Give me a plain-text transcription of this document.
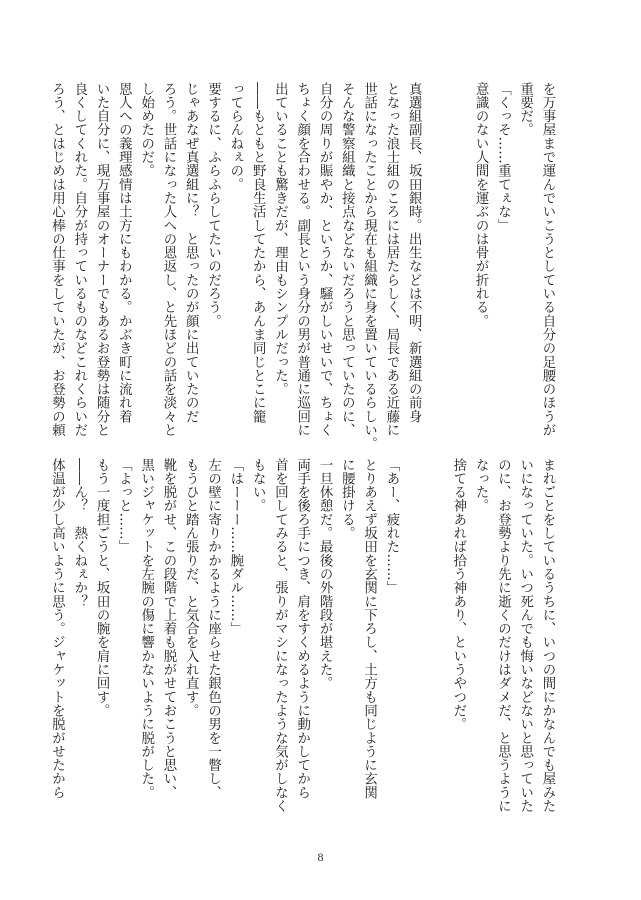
を万事屋まで運んでいこうとしている自分の足腰のほうが
重要だ。
「くっそ……重てぇな」
意識のない人間を運ぶのは骨が折れる。

真選組副長、坂田銀時。出生などは不明、新選組の前身
となった浪士組のころには居たらしく、局長である近藤に
世話になったことから現在も組織に身を置いているらしい。
そんな警察組織と接点などないだろうと思っていたのに、
自分の周りが賑やか、というか、騒がしいせいで、ちょく
ちょく顔を合わせる。副長という身分の男が普通に巡回に
出ていることも驚きだが、理由もシンプルだった。
――もともと野良生活してたから、あんま同じとこに籠
ってらんねぇの。
要するに、ふらふらしてたいのだろう。
じゃあなぜ真選組に？　と思ったのが顔に出ていたのだ
ろう。世話になった人への恩返し、と先ほどの話を淡々と
し始めたのだ。
恩人への義理感情は土方にもわかる。かぶき町に流れ着
いた自分に、現万事屋のオーナーでもあるお登勢は随分と
良くしてくれた。自分が持っているものなどこれくらいだ
ろう、とはじめは用心棒の仕事をしていたが、お登勢の頼
まれごとをしているうちに、いつの間にかなんでも屋みた
いになっていた。いつ死んでも悔いなどないと思っていた
のに、お登勢より先に逝くのだけはダメだ、と思うように
なった。
捨てる神あれば拾う神あり、というやつだ。

「あー、疲れた……」
とりあえず坂田を玄関に下ろし、土方も同じように玄関
に腰掛ける。
一旦休憩だ。最後の外階段が堪えた。
両手を後ろ手につき、肩をすくめるように動かしてから
首を回してみると、張りがマシになったような気がしなく
もない。
「はーーー……腕ダル……」
左の壁に寄りかかるように座らせた銀色の男を一瞥し、
もうひと踏ん張りだ、と気合を入れ直す。
靴を脱がせ、この段階で上着も脱がせておこうと思い、
黒いジャケットを左腕の傷に響かないように脱がした。
「よっと……」
もう一度担ごうと、坂田の腕を肩に回す。
――ん？　熱くねぇか？
体温が少し高いように思う。ジャケットを脱がせたから
8
